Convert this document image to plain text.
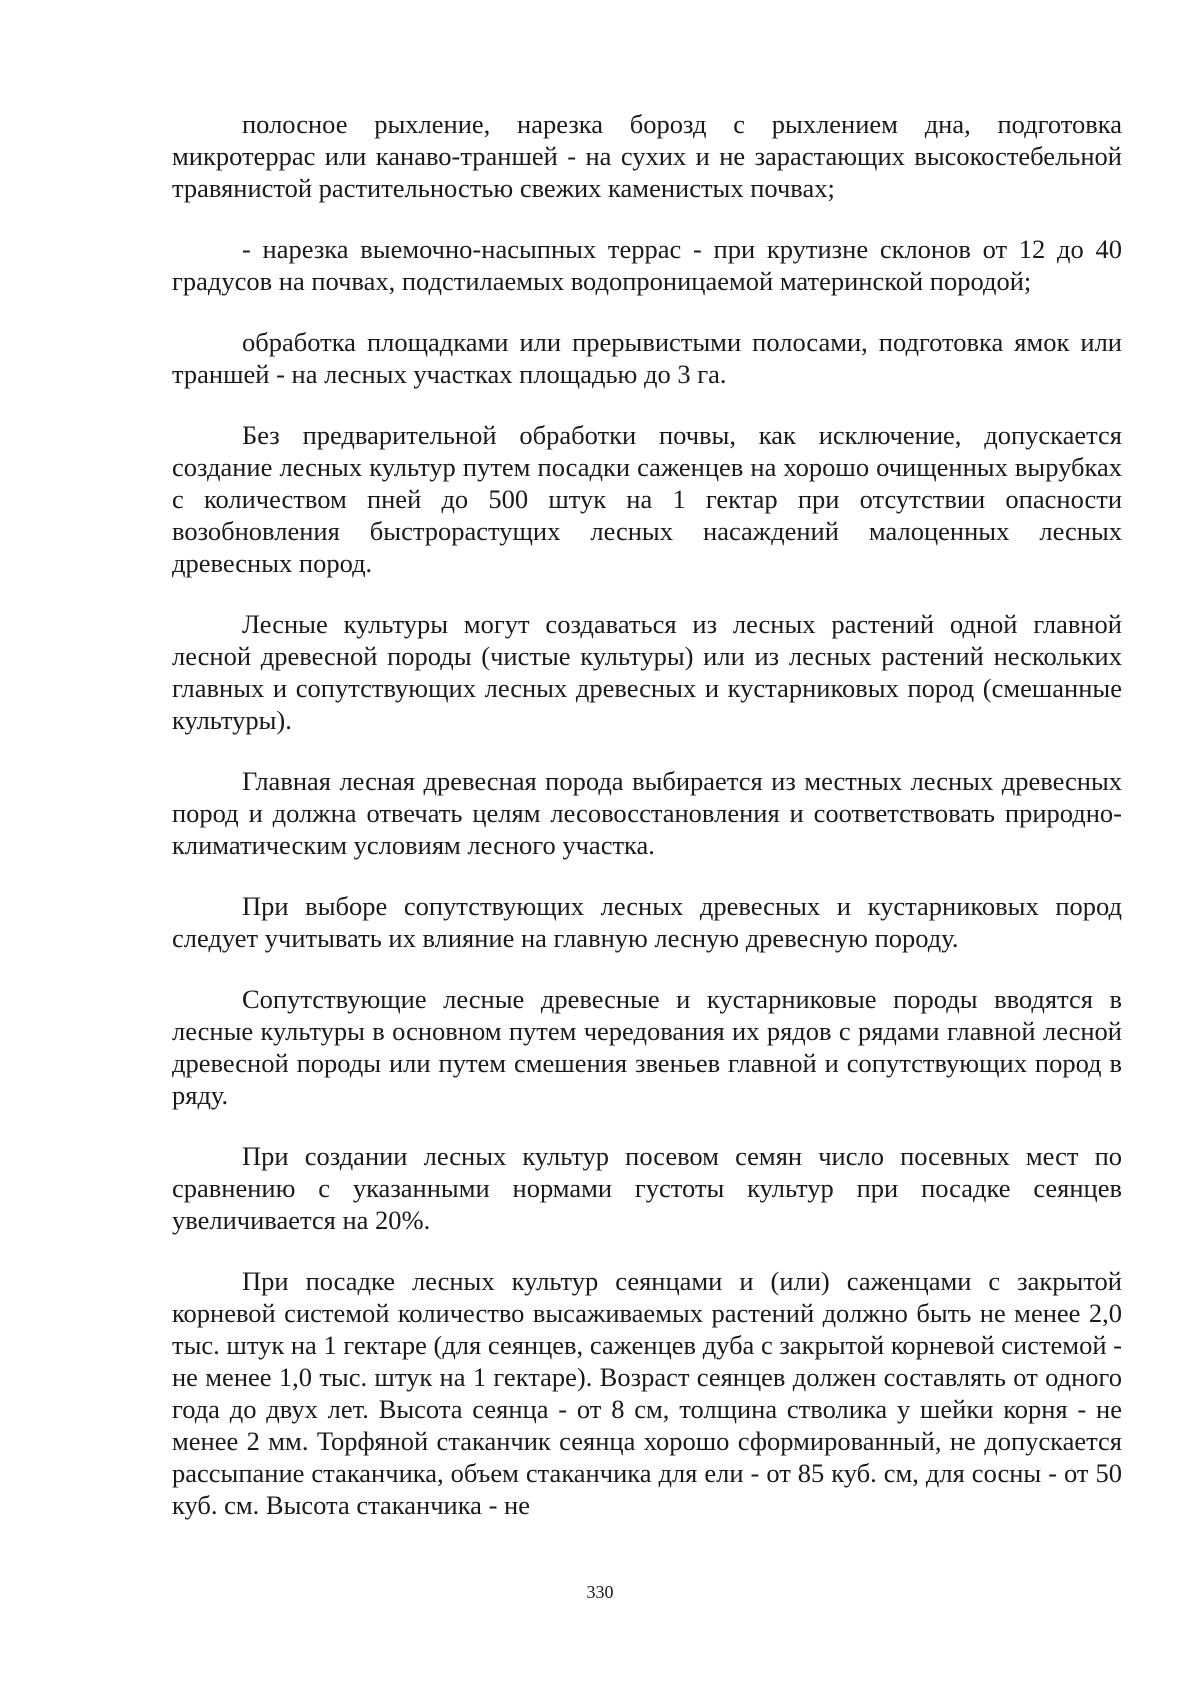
полосное рыхление, нарезка борозд с рыхлением дна, подготовка микротеррас или канаво-траншей - на сухих и не зарастающих высокостебельной травянистой растительностью свежих каменистых почвах;

- нарезка выемочно-насыпных террас - при крутизне склонов от 12 до 40 градусов на почвах, подстилаемых водопроницаемой материнской породой;

обработка площадками или прерывистыми полосами, подготовка ямок или траншей - на лесных участках площадью до 3 га.

Без предварительной обработки почвы, как исключение, допускается создание лесных культур путем посадки саженцев на хорошо очищенных вырубках с количеством пней до 500 штук на 1 гектар при отсутствии опасности возобновления быстрорастущих лесных насаждений малоценных лесных древесных пород.

Лесные культуры могут создаваться из лесных растений одной главной лесной древесной породы (чистые культуры) или из лесных растений нескольких главных и сопутствующих лесных древесных и кустарниковых пород (смешанные культуры).

Главная лесная древесная порода выбирается из местных лесных древесных пород и должна отвечать целям лесовосстановления и соответствовать природно-климатическим условиям лесного участка.

При выборе сопутствующих лесных древесных и кустарниковых пород следует учитывать их влияние на главную лесную древесную породу.

Сопутствующие лесные древесные и кустарниковые породы вводятся в лесные культуры в основном путем чередования их рядов с рядами главной лесной древесной породы или путем смешения звеньев главной и сопутствующих пород в ряду.

При создании лесных культур посевом семян число посевных мест по сравнению с указанными нормами густоты культур при посадке сеянцев увеличивается на 20%.

При посадке лесных культур сеянцами и (или) саженцами с закрытой корневой системой количество высаживаемых растений должно быть не менее 2,0 тыс. штук на 1 гектаре (для сеянцев, саженцев дуба с закрытой корневой системой - не менее 1,0 тыс. штук на 1 гектаре). Возраст сеянцев должен составлять от одного года до двух лет. Высота сеянца - от 8 см, толщина стволика у шейки корня - не менее 2 мм. Торфяной стаканчик сеянца хорошо сформированный, не допускается рассыпание стаканчика, объем стаканчика для ели - от 85 куб. см, для сосны - от 50 куб. см. Высота стаканчика - не

330
